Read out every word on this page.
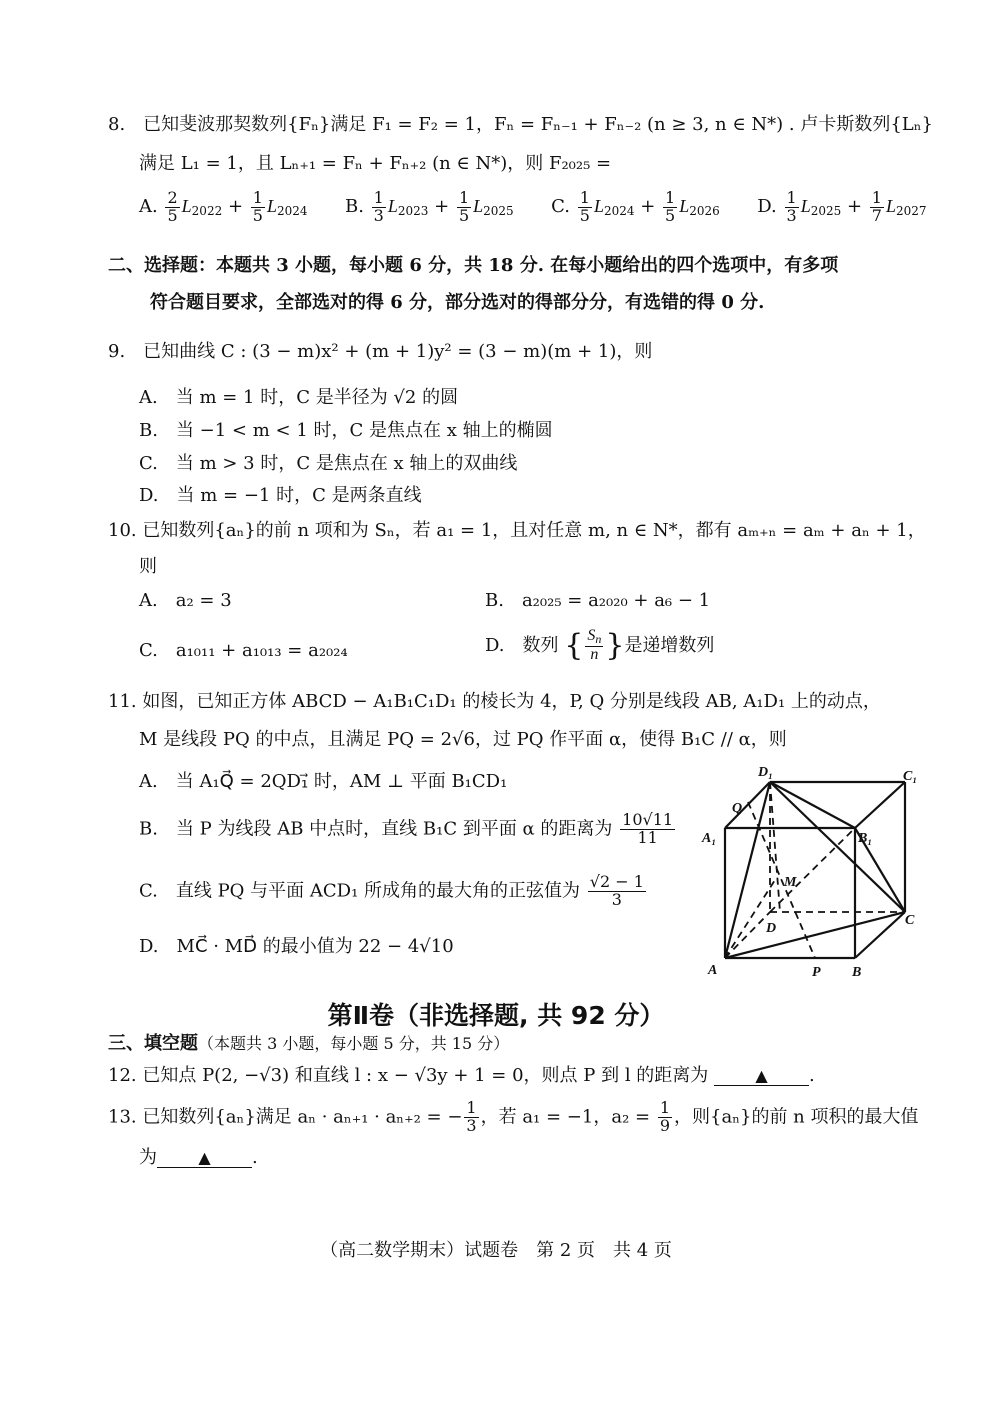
8.　已知斐波那契数列{Fₙ}满足 F₁ = F₂ = 1，Fₙ = Fₙ₋₁ + Fₙ₋₂ (n ≥ 3, n ∈ N*) . 卢卡斯数列{Lₙ}
满足 L₁ = 1，且 Lₙ₊₁ = Fₙ + Fₙ₊₂ (n ∈ N*)，则 F₂₀₂₅ =
A. $\frac{2}{5} L_{2022} + \frac{1}{5} L_{2024}$ B. $\frac{1}{3} L_{2023} + \frac{1}{5} L_{2025}$ C. $\frac{1}{5} L_{2024} + \frac{1}{5} L_{2026}$ D. $\frac{1}{3} L_{2025} + \frac{1}{7} L_{2027}$
二、选择题：本题共 3 小题，每小题 6 分，共 18 分. 在每小题给出的四个选项中，有多项
符合题目要求，全部选对的得 6 分，部分选对的得部分分，有选错的得 0 分.
9.　已知曲线 C : (3 − m)x² + (m + 1)y² = (3 − m)(m + 1)，则
A.　当 m = 1 时，C 是半径为 √2 的圆
B.　当 −1 < m < 1 时，C 是焦点在 x 轴上的椭圆
C.　当 m > 3 时，C 是焦点在 x 轴上的双曲线
D.　当 m = −1 时，C 是两条直线
10. 已知数列{aₙ}的前 n 项和为 Sₙ，若 a₁ = 1，且对任意 m, n ∈ N*，都有 aₘ₊ₙ = aₘ + aₙ + 1，
则
A.　a₂ = 3	B.　a₂₀₂₅ = a₂₀₂₀ + a₆ − 1
C.　a₁₀₁₁ + a₁₀₁₃ = a₂₀₂₄	D.　数列 { $\frac{S_n}{n}$ }是递增数列
11. 如图，已知正方体 ABCD − A₁B₁C₁D₁ 的棱长为 4，P, Q 分别是线段 AB, A₁D₁ 上的动点，
M 是线段 PQ 的中点，且满足 PQ = 2√6，过 PQ 作平面 α，使得 B₁C // α，则
A.　当 A₁Q⃗ = 2QD₁⃗ 时，AM ⊥ 平面 B₁CD₁
B.　当 P 为线段 AB 中点时，直线 B₁C 到平面 α 的距离为 $\frac{10√11}{11}$
C.　直线 PQ 与平面 ACD₁ 所成角的最大角的正弦值为 $\frac{√2 - 1}{3}$
D.　MC⃗ · MD⃗ 的最小值为 22 − 4√10
D₁	C₁
Q
A₁	B₁
M
D
C
A	P B
第Ⅱ卷（非选择题, 共 92 分）
三、填空题（本题共 3 小题，每小题 5 分，共 15 分）
12. 已知点 P(2, −√3) 和直线 l : x − √3y + 1 = 0，则点 P 到 l 的距离为	▲ .
13. 已知数列{aₙ}满足 aₙ · aₙ₊₁ · aₙ₊₂ = − $\frac{1}{3}$ ，若 a₁ = −1，$a_2 = \frac{1}{9}$ ，则{aₙ}的前 n 项积的最大值
为	▲ .
（高二数学期末）试题卷　第 2 页　共 4 页
